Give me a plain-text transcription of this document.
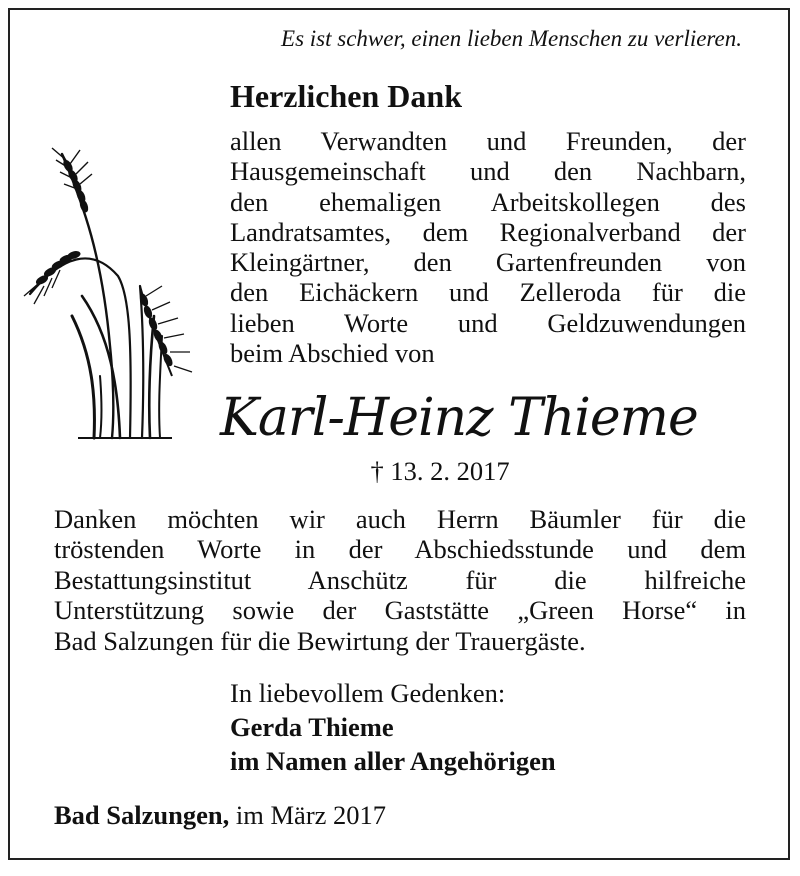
Es ist schwer, einen lieben Menschen zu verlieren.
Herzlichen Dank
allen Verwandten und Freunden, der
Hausgemeinschaft und den Nachbarn,
den ehemaligen Arbeitskollegen des
Landratsamtes, dem Regionalverband der
Kleingärtner, den Gartenfreunden von
den Eichäckern und Zelleroda für die
lieben Worte und Geldzuwendungen
beim Abschied von
Karl-Heinz Thieme
† 13. 2. 2017
Danken möchten wir auch Herrn Bäumler für die
tröstenden Worte in der Abschiedsstunde und dem
Bestattungsinstitut Anschütz für die hilfreiche
Unterstützung sowie der Gaststätte „Green Horse“ in
Bad Salzungen für die Bewirtung der Trauergäste.
In liebevollem Gedenken:
Gerda Thieme
im Namen aller Angehörigen
Bad Salzungen, im März 2017
